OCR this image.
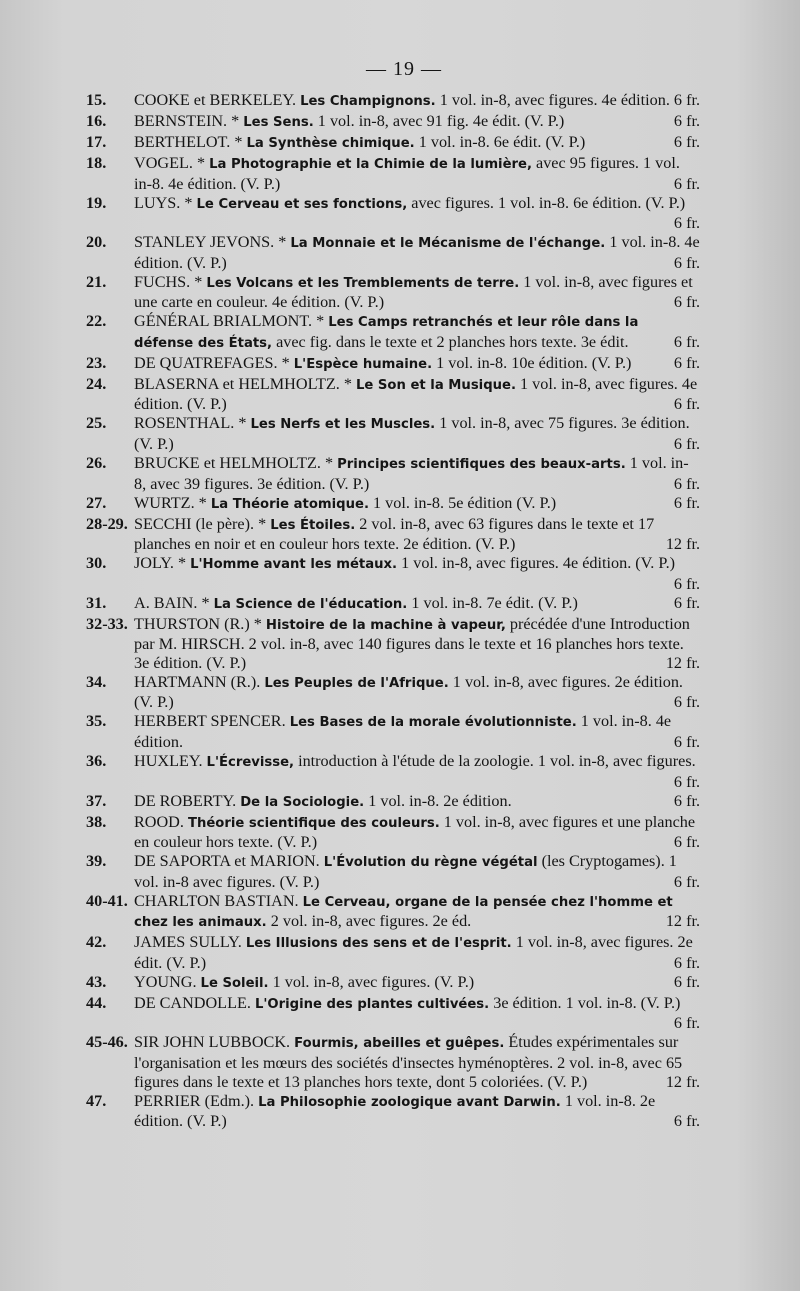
— 19 —
15. COOKE et BERKELEY. Les Champignons. 1 vol. in-8, avec figures. 4e édition. 6 fr.
16. BERNSTEIN. * Les Sens. 1 vol. in-8, avec 91 fig. 4e édit. (V. P.)	6 fr.
17. BERTHELOT. * La Synthèse chimique. 1 vol. in-8. 6e édit. (V. P.)	6 fr.
18. VOGEL. * La Photographie et la Chimie de la lumière, avec 95 figures. 1 vol. in-8. 4e édition. (V. P.)	6 fr.
19. LUYS. * Le Cerveau et ses fonctions, avec figures. 1 vol. in-8. 6e édition. (V. P.)
6 fr.
20. STANLEY JEVONS. * La Monnaie et le Mécanisme de l'échange. 1 vol. in-8. 4e édition. (V. P.)	6 fr.
21. FUCHS. * Les Volcans et les Tremblements de terre. 1 vol. in-8, avec figures et une carte en couleur. 4e édition. (V. P.)	6 fr.
22. GÉNÉRAL BRIALMONT. * Les Camps retranchés et leur rôle dans la défense des États, avec fig. dans le texte et 2 planches hors texte. 3e édit.	6 fr.
23. DE QUATREFAGES. * L'Espèce humaine. 1 vol. in-8. 10e édition. (V. P.)	6 fr.
24. BLASERNA et HELMHOLTZ. * Le Son et la Musique. 1 vol. in-8, avec figures. 4e édition. (V. P.)	6 fr.
25. ROSENTHAL. * Les Nerfs et les Muscles. 1 vol. in-8, avec 75 figures. 3e édition. (V. P.)	6 fr.
26. BRUCKE et HELMHOLTZ. * Principes scientifiques des beaux-arts. 1 vol. in-8, avec 39 figures. 3e édition. (V. P.)	6 fr.
27. WURTZ. * La Théorie atomique. 1 vol. in-8. 5e édition (V. P.)	6 fr.
28-29. SECCHI (le père). * Les Étoiles. 2 vol. in-8, avec 63 figures dans le texte et 17 planches en noir et en couleur hors texte. 2e édition. (V. P.)	12 fr.
30. JOLY. * L'Homme avant les métaux. 1 vol. in-8, avec figures. 4e édition. (V. P.)
6 fr.
31. A. BAIN. * La Science de l'éducation. 1 vol. in-8. 7e édit. (V. P.)	6 fr.
32-33. THURSTON (R.) * Histoire de la machine à vapeur, précédée d'une Introduction par M. HIRSCH. 2 vol. in-8, avec 140 figures dans le texte et 16 planches hors texte. 3e édition. (V. P.)	12 fr.
34. HARTMANN (R.). Les Peuples de l'Afrique. 1 vol. in-8, avec figures. 2e édition. (V. P.)	6 fr.
35. HERBERT SPENCER. Les Bases de la morale évolutionniste. 1 vol. in-8. 4e édition.	6 fr.
36. HUXLEY. L'Écrevisse, introduction à l'étude de la zoologie. 1 vol. in-8, avec figures.
6 fr.
37. DE ROBERTY. De la Sociologie. 1 vol. in-8. 2e édition.	6 fr.
38. ROOD. Théorie scientifique des couleurs. 1 vol. in-8, avec figures et une planche en couleur hors texte. (V. P.)	6 fr.
39. DE SAPORTA et MARION. L'Évolution du règne végétal (les Cryptogames). 1 vol. in-8 avec figures. (V. P.)	6 fr.
40-41. CHARLTON BASTIAN. Le Cerveau, organe de la pensée chez l'homme et chez les animaux. 2 vol. in-8, avec figures. 2e éd.	12 fr.
42. JAMES SULLY. Les Illusions des sens et de l'esprit. 1 vol. in-8, avec figures. 2e édit. (V. P.)	6 fr.
43. YOUNG. Le Soleil. 1 vol. in-8, avec figures. (V. P.)	6 fr.
44. DE CANDOLLE. L'Origine des plantes cultivées. 3e édition. 1 vol. in-8. (V. P.)
6 fr.
45-46. SIR JOHN LUBBOCK. Fourmis, abeilles et guêpes. Études expérimentales sur l'organisation et les mœurs des sociétés d'insectes hyménoptères. 2 vol. in-8, avec 65 figures dans le texte et 13 planches hors texte, dont 5 coloriées. (V. P.)	12 fr.
47. PERRIER (Edm.). La Philosophie zoologique avant Darwin. 1 vol. in-8. 2e édition. (V. P.)	6 fr.
